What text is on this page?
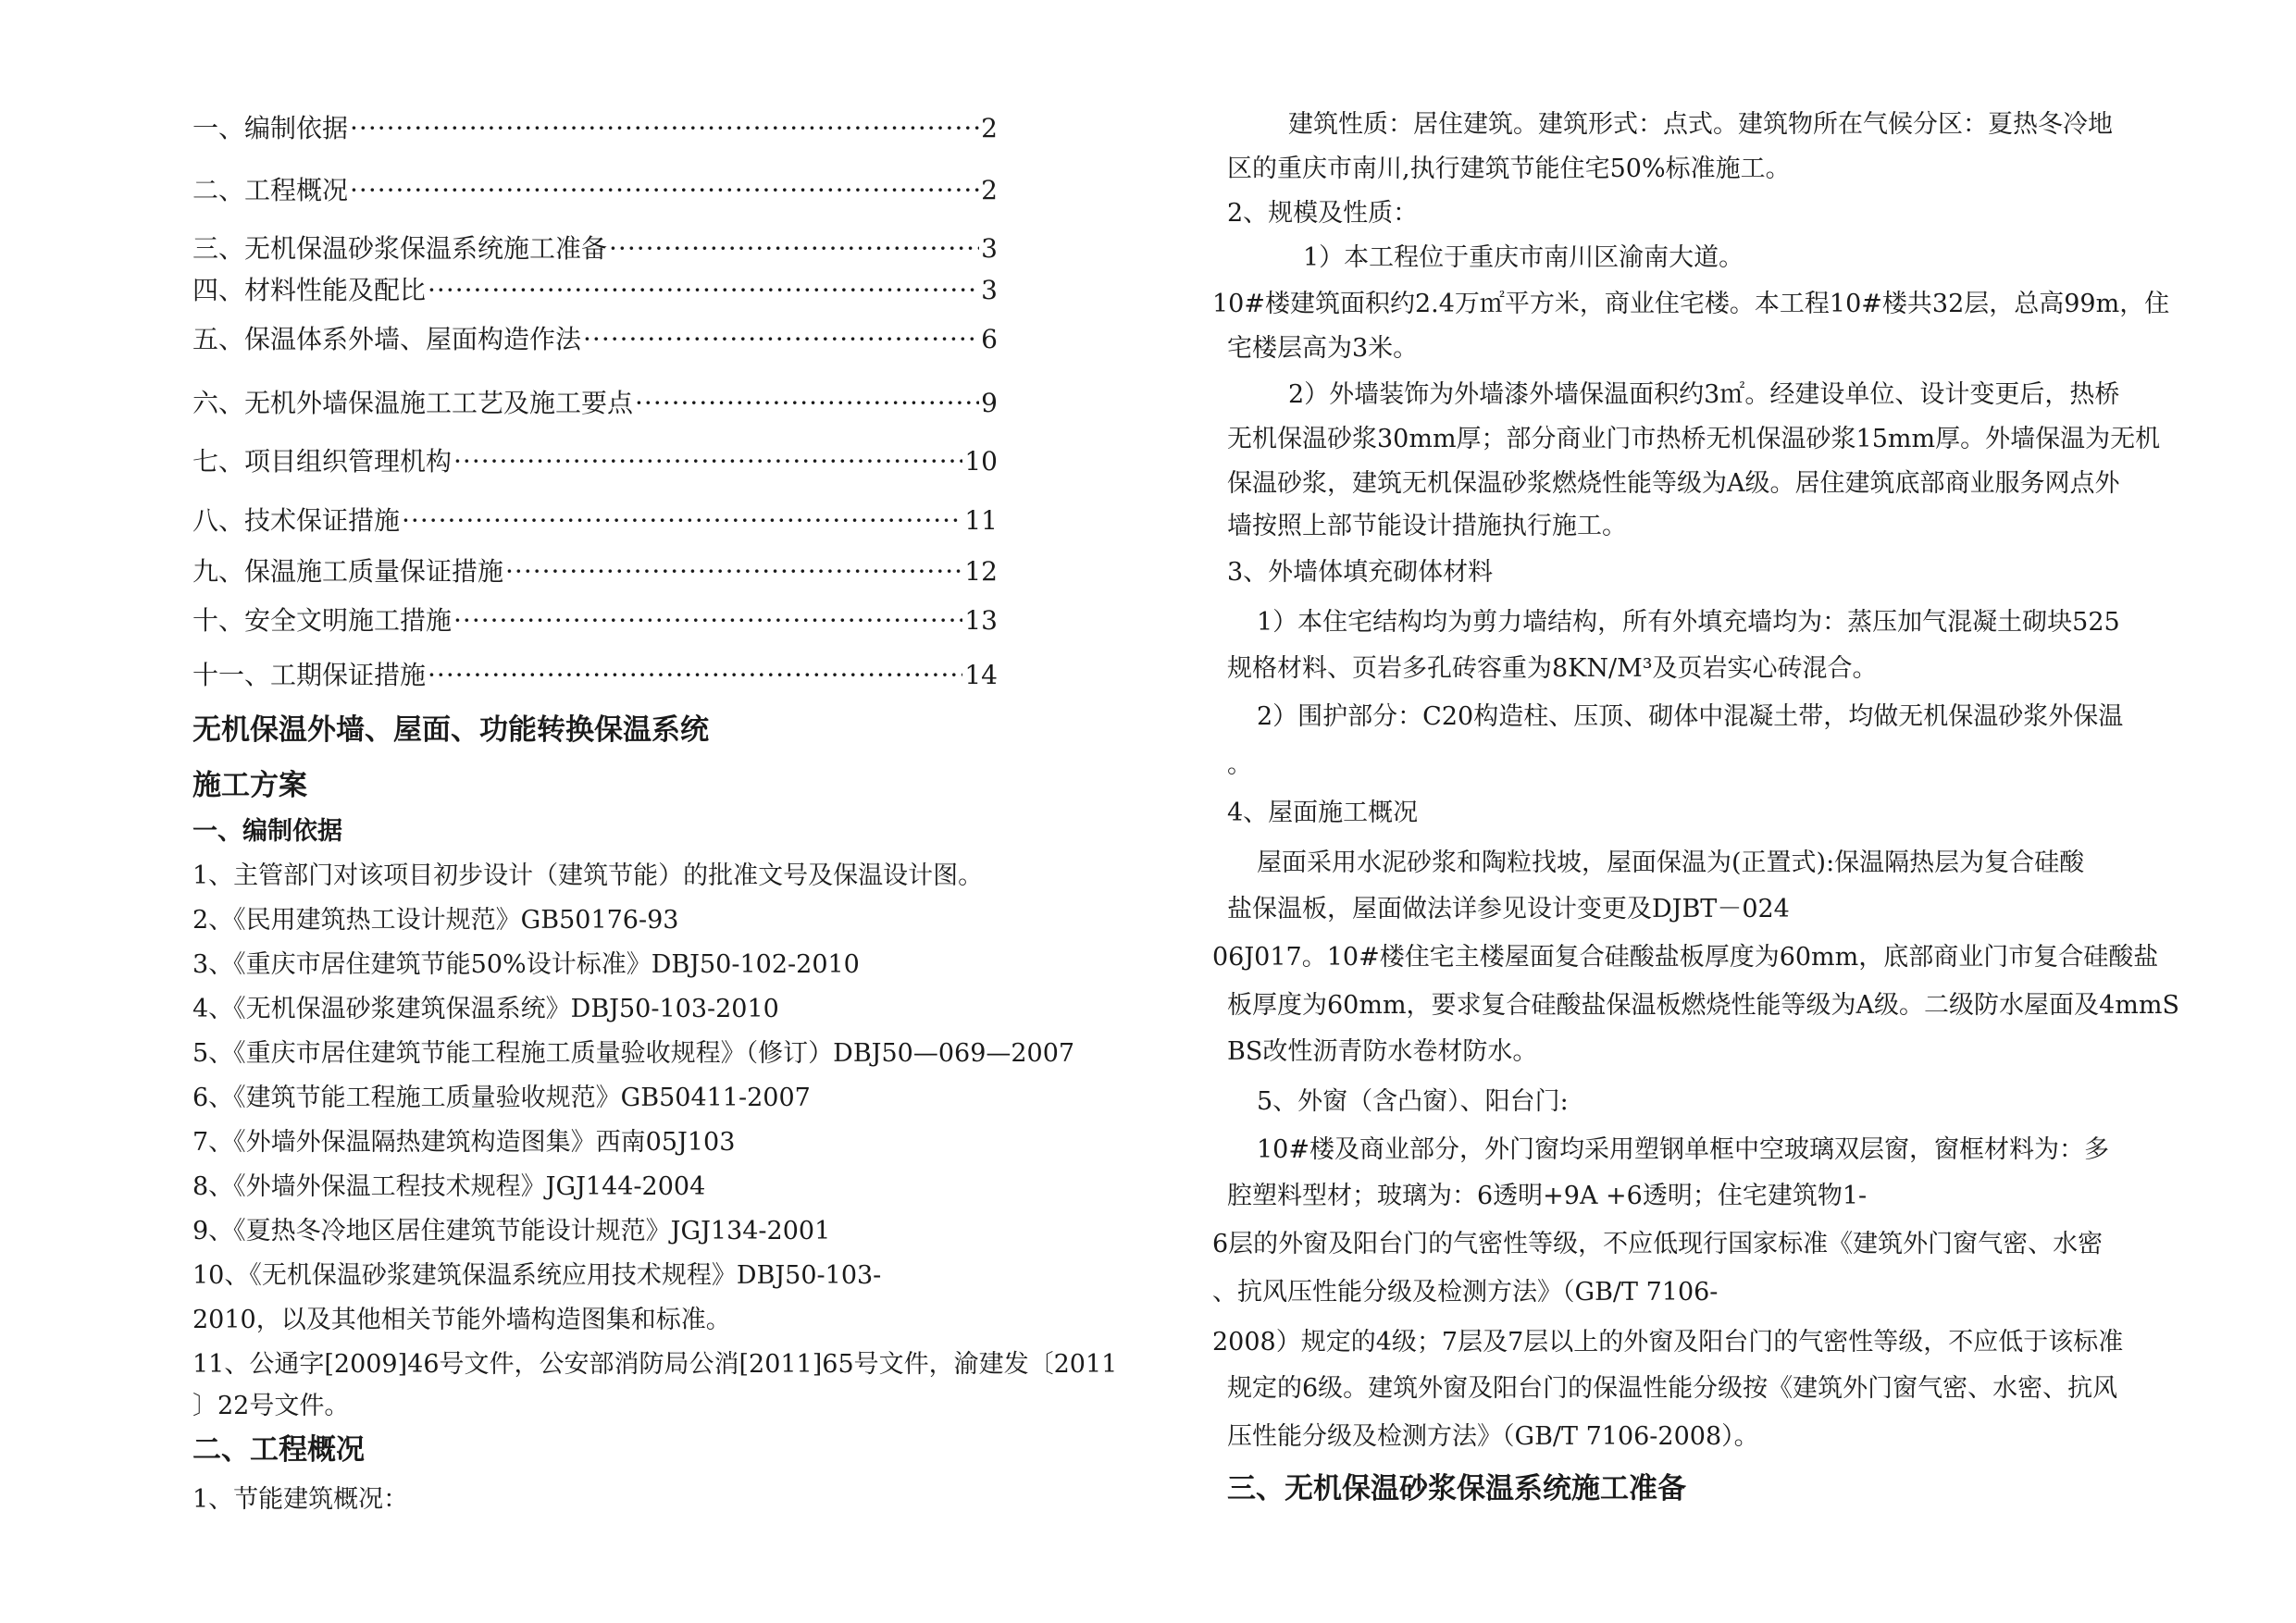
一、编制依据 ·····	2
二、工程概况 ·····	2
三、无机保温砂浆保温系统施工准备 ·····	3
四、材料性能及配比 ·····	3
五、保温体系外墙、屋面构造作法 ·····	6
六、无机外墙保温施工工艺及施工要点 ·····	9
七、项目组织管理机构 ·····	10
八、技术保证措施 ·····	11
九、保温施工质量保证措施 ·····	12
十、安全文明施工措施 ·····	13
十一、工期保证措施 ·····	14
无机保温外墙、屋面、功能转换保温系统
施工方案
一、编制依据
1、主管部门对该项目初步设计（建筑节能）的批准文号及保温设计图。
2、《民用建筑热工设计规范》GB50176-93
3、《重庆市居住建筑节能50%设计标准》DBJ50-102-2010
4、《无机保温砂浆建筑保温系统》DBJ50-103-2010
5、《重庆市居住建筑节能工程施工质量验收规程》（修订）DBJ50—069—2007
6、《建筑节能工程施工质量验收规范》GB50411-2007
7、《外墙外保温隔热建筑构造图集》西南05J103
8、《外墙外保温工程技术规程》JGJ144-2004
9、《夏热冬冷地区居住建筑节能设计规范》JGJ134-2001
10、《无机保温砂浆建筑保温系统应用技术规程》DBJ50-103-
2010，以及其他相关节能外墙构造图集和标准。
11、公通字[2009]46号文件，公安部消防局公消[2011]65号文件，渝建发〔2011
〕22号文件。
二、工程概况
1、节能建筑概况：
建筑性质：居住建筑。建筑形式：点式。建筑物所在气候分区：夏热冬冷地
区的重庆市南川,执行建筑节能住宅50%标准施工。
2、规模及性质：
1）本工程位于重庆市南川区渝南大道。
10#楼建筑面积约2.4万㎡平方米，商业住宅楼。本工程10#楼共32层，总高99m，住
宅楼层高为3米。
2）外墙装饰为外墙漆外墙保温面积约3㎡。经建设单位、设计变更后，热桥
无机保温砂浆30mm厚；部分商业门市热桥无机保温砂浆15mm厚。外墙保温为无机
保温砂浆，建筑无机保温砂浆燃烧性能等级为A级。居住建筑底部商业服务网点外
墙按照上部节能设计措施执行施工。
3、外墙体填充砌体材料
1）本住宅结构均为剪力墙结构，所有外填充墙均为：蒸压加气混凝土砌块525
规格材料、页岩多孔砖容重为8KN/M³及页岩实心砖混合。
2）围护部分：C20构造柱、压顶、砌体中混凝土带，均做无机保温砂浆外保温
。
4、屋面施工概况
屋面采用水泥砂浆和陶粒找坡，屋面保温为(正置式):保温隔热层为复合硅酸
盐保温板，屋面做法详参见设计变更及DJBT－024
06J017。10#楼住宅主楼屋面复合硅酸盐板厚度为60mm，底部商业门市复合硅酸盐
板厚度为60mm，要求复合硅酸盐保温板燃烧性能等级为A级。二级防水屋面及4mmS
BS改性沥青防水卷材防水。
5、外窗（含凸窗）、阳台门:
10#楼及商业部分，外门窗均采用塑钢单框中空玻璃双层窗，窗框材料为：多
腔塑料型材；玻璃为：6透明+9A +6透明；住宅建筑物1-
6层的外窗及阳台门的气密性等级，不应低现行国家标准《建筑外门窗气密、水密
、抗风压性能分级及检测方法》（GB/T 7106-
2008）规定的4级；7层及7层以上的外窗及阳台门的气密性等级，不应低于该标准
规定的6级。建筑外窗及阳台门的保温性能分级按《建筑外门窗气密、水密、抗风
压性能分级及检测方法》（GB/T 7106-2008）。
三、无机保温砂浆保温系统施工准备
